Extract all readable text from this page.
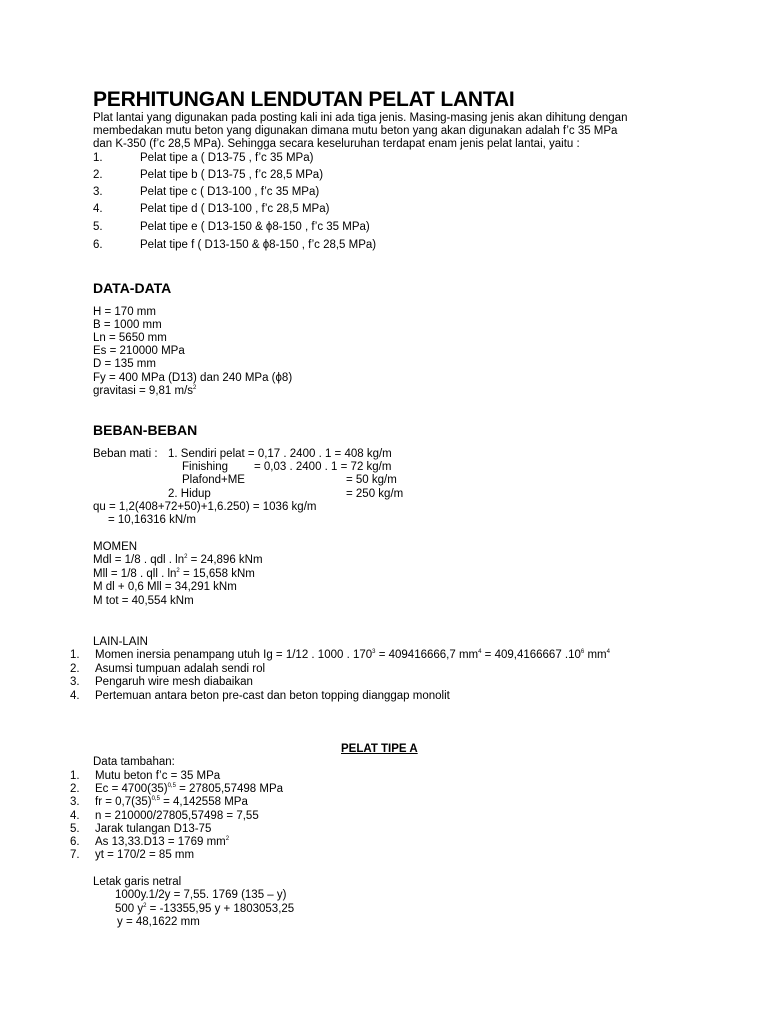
PERHITUNGAN LENDUTAN PELAT LANTAI
Plat lantai yang digunakan pada posting kali ini ada tiga jenis. Masing-masing jenis akan dihitung dengan
membedakan mutu beton yang digunakan dimana mutu beton yang akan digunakan adalah f’c 35 MPa
dan K-350 (f’c 28,5 MPa). Sehingga secara keseluruhan terdapat enam jenis pelat lantai, yaitu :
1.	Pelat tipe a ( D13-75 , f’c 35 MPa)
2.	Pelat tipe b ( D13-75 , f’c 28,5 MPa)
3.	Pelat tipe c ( D13-100 , f’c 35 MPa)
4.	Pelat tipe d ( D13-100 , f’c 28,5 MPa)
5.	Pelat tipe e ( D13-150 & ϕ8-150 , f’c 35 MPa)
6.	Pelat tipe f ( D13-150 & ϕ8-150 , f’c 28,5 MPa)
DATA-DATA
H = 170 mm
B = 1000 mm
Ln = 5650 mm
Es = 210000 MPa
D = 135 mm
Fy = 400 MPa (D13) dan 240 MPa (ϕ8)
gravitasi = 9,81 $m/s^2$
BEBAN-BEBAN
Beban mati : 1. Sendiri pelat = 0,17 . 2400 . 1 = 408 kg/m
Finishing = 0,03 . 2400 . 1 = 72 kg/m
Plafond+ME	= 50 kg/m
2. Hidup	= 250 kg/m
qu = 1,2(408+72+50)+1,6.250) = 1036 kg/m
= 10,16316 kN/m
MOMEN
Mdl = 1/8 . qdl . $\ln^2 = 24,896$ kNm
Mll = 1/8 . qll . $\ln^2 = 15,658$ kNm
M dl + 0,6 Mll = 34,291 kNm
M tot = 40,554 kNm
LAIN-LAIN
1. Momen inersia penampang utuh Ig = 1/12 . 1000 . $170^3 = 409416666,7$ $mm^4 = 409,4166667$ $.10^6$ $mm^4$
2. Asumsi tumpuan adalah sendi rol
3. Pengaruh wire mesh diabaikan
4. Pertemuan antara beton pre-cast dan beton topping dianggap monolit
PELAT TIPE A
Data tambahan:
1. Mutu beton f’c = 35 MPa
2. $Ec = 4700(35)^{0,5} = 27805,57498$ MPa
3. fr = $0,7(35)^{0,5} = 4,142558$ MPa
4. n = 210000/27805,57498 = 7,55
5. Jarak tulangan D13-75
6. As 13,33.D13 = 1769 $mm^2$
7. yt = 170/2 = 85 mm
Letak garis netral
1000y.1/2y = 7,55. 1769 (135 – y)
500 $y^2 = -13355,95$ y + 1803053,25
y = 48,1622 mm
